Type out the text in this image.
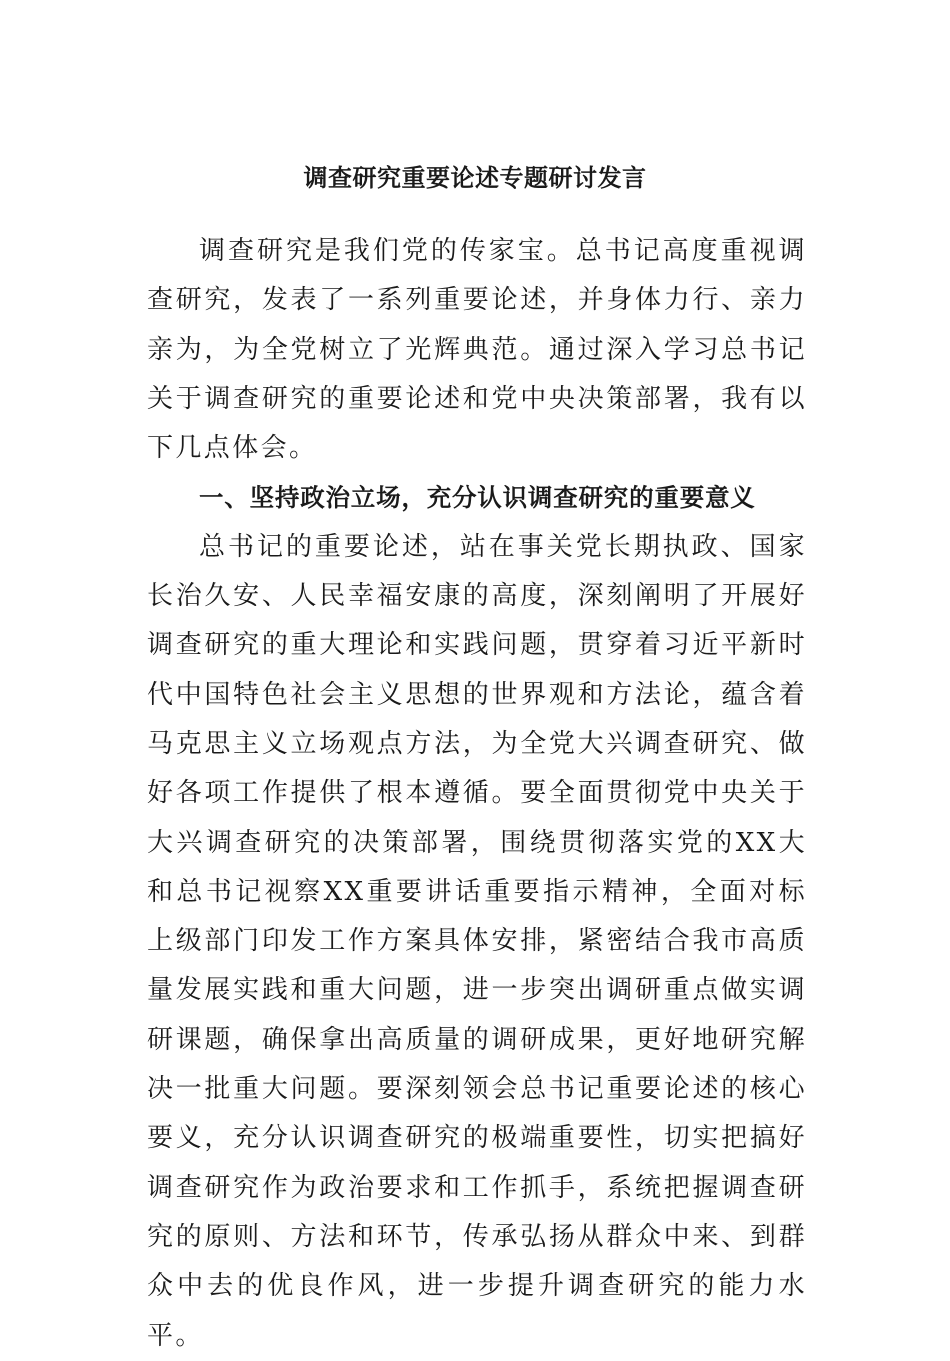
调查研究重要论述专题研讨发言

调查研究是我们党的传家宝。总书记高度重视调查研究，发表了一系列重要论述，并身体力行、亲力亲为，为全党树立了光辉典范。通过深入学习总书记关于调查研究的重要论述和党中央决策部署，我有以下几点体会。

一、坚持政治立场，充分认识调查研究的重要意义

总书记的重要论述，站在事关党长期执政、国家长治久安、人民幸福安康的高度，深刻阐明了开展好调查研究的重大理论和实践问题，贯穿着习近平新时代中国特色社会主义思想的世界观和方法论，蕴含着马克思主义立场观点方法，为全党大兴调查研究、做好各项工作提供了根本遵循。要全面贯彻党中央关于大兴调查研究的决策部署，围绕贯彻落实党的XX大和总书记视察XX重要讲话重要指示精神，全面对标上级部门印发工作方案具体安排，紧密结合我市高质量发展实践和重大问题，进一步突出调研重点做实调研课题，确保拿出高质量的调研成果，更好地研究解决一批重大问题。要深刻领会总书记重要论述的核心要义，充分认识调查研究的极端重要性，切实把搞好调查研究作为政治要求和工作抓手，系统把握调查研究的原则、方法和环节，传承弘扬从群众中来、到群众中去的优良作风，进一步提升调查研究的能力水平。
